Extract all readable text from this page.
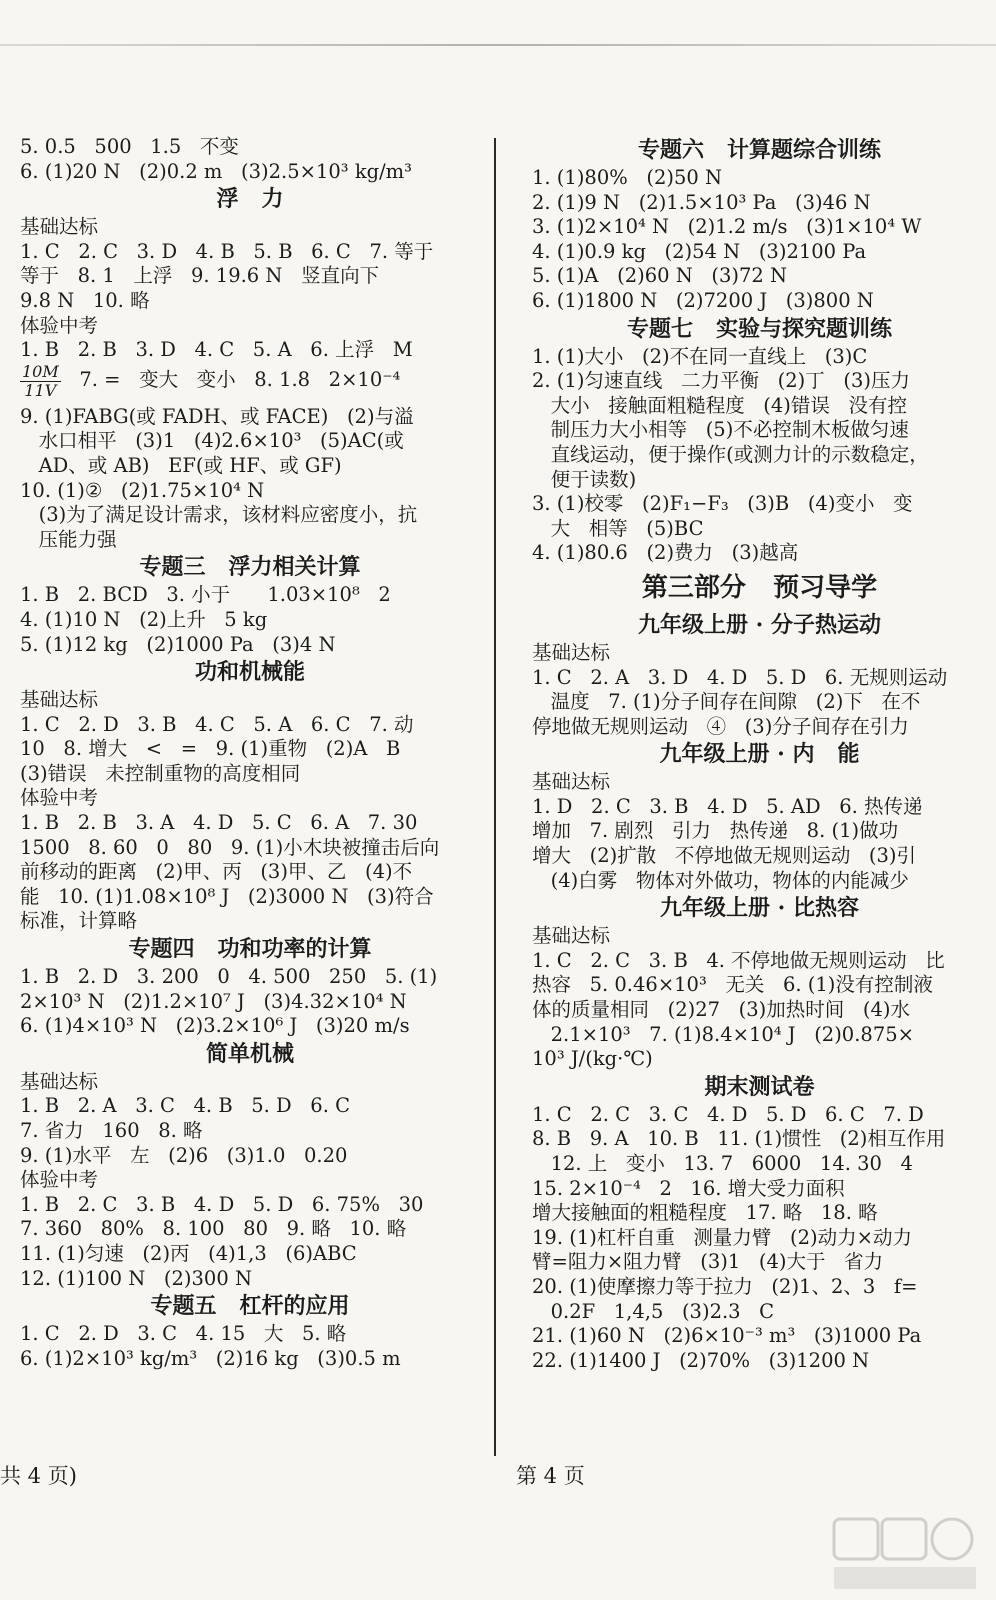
5. 0.5   500   1.5   不变
6. (1)20 N   (2)0.2 m   (3)2.5×10³ kg/m³
浮   力
基础达标
1. C   2. C   3. D   4. B   5. B   6. C   7. 等于
等于   8. 1   上浮   9. 19.6 N   竖直向下
9.8 N   10. 略
体验中考
1. B   2. B   3. D   4. C   5. A   6. 上浮   M
$\frac{10M}{11V} 7$. =   变大   变小   8. 1.8   2×10⁻⁴
9. (1)FABG(或 FADH、或 FACE)   (2)与溢
水口相平   (3)1   (4)2.6×10³   (5)AC(或
AD、或 AB)   EF(或 HF、或 GF)
10. (1)②   (2)1.75×10⁴ N
(3)为了满足设计需求，该材料应密度小，抗
压能力强
专题三   浮力相关计算
1. B   2. BCD   3. 小于      1.03×10⁸   2
4. (1)10 N   (2)上升   5 kg
5. (1)12 kg   (2)1000 Pa   (3)4 N
功和机械能
基础达标
1. C   2. D   3. B   4. C   5. A   6. C   7. 动
10   8. 增大   <   =   9. (1)重物   (2)A   B
(3)错误   未控制重物的高度相同
体验中考
1. B   2. B   3. A   4. D   5. C   6. A   7. 30
1500   8. 60   0   80   9. (1)小木块被撞击后向
前移动的距离   (2)甲、丙   (3)甲、乙   (4)不
能   10. (1)1.08×10⁸ J   (2)3000 N   (3)符合
标准，计算略
专题四   功和功率的计算
1. B   2. D   3. 200   0   4. 500   250   5. (1)
2×10³ N   (2)1.2×10⁷ J   (3)4.32×10⁴ N
6. (1)4×10³ N   (2)3.2×10⁶ J   (3)20 m/s
简单机械
基础达标
1. B   2. A   3. C   4. B   5. D   6. C
7. 省力   160   8. 略
9. (1)水平   左   (2)6   (3)1.0   0.20
体验中考
1. B   2. C   3. B   4. D   5. D   6. 75%   30
7. 360   80%   8. 100   80   9. 略   10. 略
11. (1)匀速   (2)丙   (4)1,3   (6)ABC
12. (1)100 N   (2)300 N
专题五   杠杆的应用
1. C   2. D   3. C   4. 15   大   5. 略
6. (1)2×10³ kg/m³   (2)16 kg   (3)0.5 m
专题六   计算题综合训练
1. (1)80%   (2)50 N
2. (1)9 N   (2)1.5×10³ Pa   (3)46 N
3. (1)2×10⁴ N   (2)1.2 m/s   (3)1×10⁴ W
4. (1)0.9 kg   (2)54 N   (3)2100 Pa
5. (1)A   (2)60 N   (3)72 N
6. (1)1800 N   (2)7200 J   (3)800 N
专题七   实验与探究题训练
1. (1)大小   (2)不在同一直线上   (3)C
2. (1)匀速直线   二力平衡   (2)丁   (3)压力
大小   接触面粗糙程度   (4)错误   没有控
制压力大小相等   (5)不必控制木板做匀速
直线运动，便于操作(或测力计的示数稳定，
便于读数)
3. (1)校零   (2)F₁−F₃   (3)B   (4)变小   变
大   相等   (5)BC
4. (1)80.6   (2)费力   (3)越高
第三部分   预习导学
九年级上册 · 分子热运动
基础达标
1. C   2. A   3. D   4. D   5. D   6. 无规则运动
温度   7. (1)分子间存在间隙   (2)下   在不
停地做无规则运动   ④   (3)分子间存在引力
九年级上册 · 内   能
基础达标
1. D   2. C   3. B   4. D   5. AD   6. 热传递
增加   7. 剧烈   引力   热传递   8. (1)做功
增大   (2)扩散   不停地做无规则运动   (3)引
(4)白雾   物体对外做功，物体的内能减少
九年级上册 · 比热容
基础达标
1. C   2. C   3. B   4. 不停地做无规则运动   比
热容   5. 0.46×10³   无关   6. (1)没有控制液
体的质量相同   (2)27   (3)加热时间   (4)水
2.1×10³   7. (1)8.4×10⁴ J   (2)0.875×
10³ J/(kg·℃)
期末测试卷
1. C   2. C   3. C   4. D   5. D   6. C   7. D
8. B   9. A   10. B   11. (1)惯性   (2)相互作用
12. 上   变小   13. 7   6000   14. 30   4
15. 2×10⁻⁴   2   16. 增大受力面积
增大接触面的粗糙程度   17. 略   18. 略
19. (1)杠杆自重   测量力臂   (2)动力×动力
臂=阻力×阻力臂   (3)1   (4)大于   省力
20. (1)使摩擦力等于拉力   (2)1、2、3   f=
0.2F   1,4,5   (3)2.3   C
21. (1)60 N   (2)6×10⁻³ m³   (3)1000 Pa
22. (1)1400 J   (2)70%   (3)1200 N
共 4 页)	第 4 页
